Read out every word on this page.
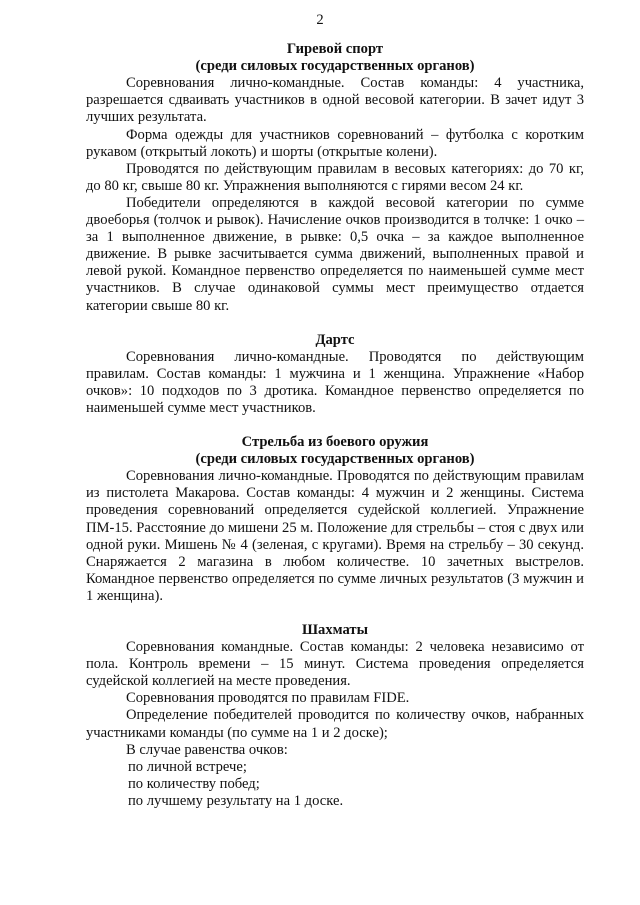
2
Гиревой спорт
(среди силовых государственных органов)

Соревнования лично-командные. Состав команды: 4 участника, разрешается сдваивать участников в одной весовой категории. В зачет идут 3 лучших результата.

Форма одежды для участников соревнований – футболка с коротким рукавом (открытый локоть) и шорты (открытые колени).

Проводятся по действующим правилам в весовых категориях: до 70 кг, до 80 кг, свыше 80 кг. Упражнения выполняются с гирями весом 24 кг.

Победители определяются в каждой весовой категории по сумме двоеборья (толчок и рывок). Начисление очков производится в толчке: 1 очко – за 1 выполненное движение, в рывке: 0,5 очка – за каждое выполненное движение. В рывке засчитывается сумма движений, выполненных правой и левой рукой. Командное первенство определяется по наименьшей сумме мест участников. В случае одинаковой суммы мест преимущество отдается категории свыше 80 кг.

Дартс

Соревнования лично-командные. Проводятся по действующим правилам. Состав команды: 1 мужчина и 1 женщина. Упражнение «Набор очков»: 10 подходов по 3 дротика. Командное первенство определяется по наименьшей сумме мест участников.

Стрельба из боевого оружия
(среди силовых государственных органов)

Соревнования лично-командные. Проводятся по действующим правилам из пистолета Макарова. Состав команды: 4 мужчин и 2 женщины. Система проведения соревнований определяется судейской коллегией. Упражнение ПМ-15. Расстояние до мишени 25 м. Положение для стрельбы – стоя с двух или одной руки. Мишень № 4 (зеленая, с кругами). Время на стрельбу – 30 секунд. Снаряжается 2 магазина в любом количестве. 10 зачетных выстрелов. Командное первенство определяется по сумме личных результатов (3 мужчин и 1 женщина).

Шахматы

Соревнования командные. Состав команды: 2 человека независимо от пола. Контроль времени – 15 минут. Система проведения определяется судейской коллегией на месте проведения.

Соревнования проводятся по правилам FIDE.

Определение победителей проводится по количеству очков, набранных участниками команды (по сумме на 1 и 2 доске);

В случае равенства очков:

по личной встрече;

по количеству побед;

по лучшему результату на 1 доске.
